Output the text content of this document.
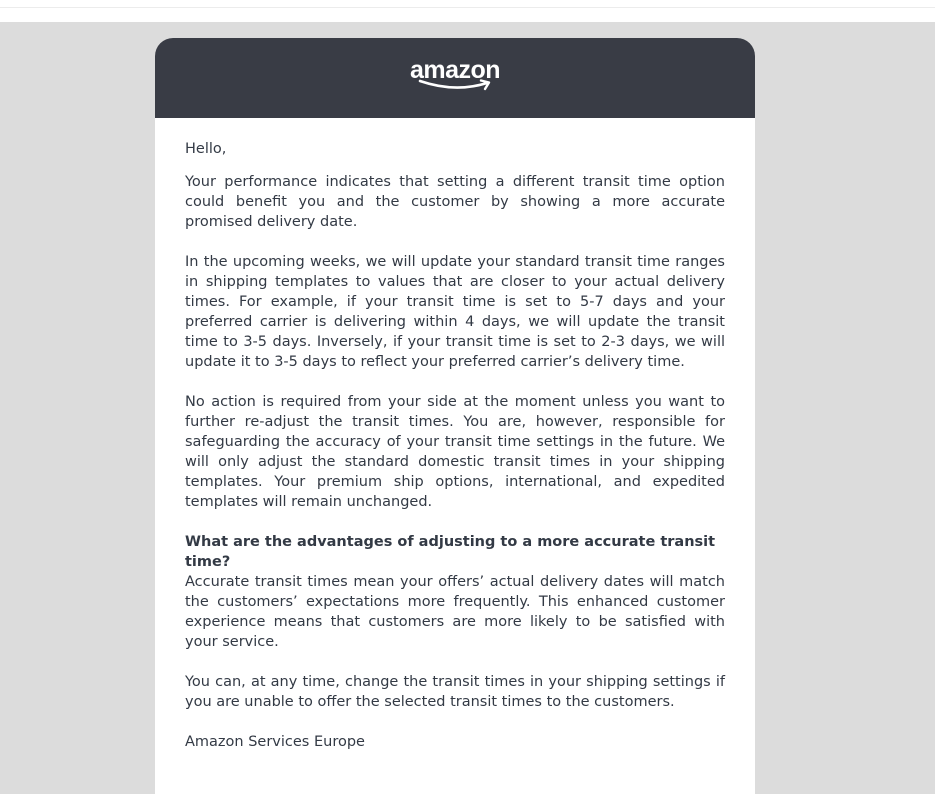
amazon

Hello,

Your performance indicates that setting a different transit time option could benefit you and the customer by showing a more accurate promised delivery date.

In the upcoming weeks, we will update your standard transit time ranges in shipping templates to values that are closer to your actual delivery times. For example, if your transit time is set to 5-7 days and your preferred carrier is delivering within 4 days, we will update the transit time to 3-5 days. Inversely, if your transit time is set to 2-3 days, we will update it to 3-5 days to reflect your preferred carrier’s delivery time.

No action is required from your side at the moment unless you want to further re-adjust the transit times. You are, however, responsible for safeguarding the accuracy of your transit time settings in the future. We will only adjust the standard domestic transit times in your shipping templates. Your premium ship options, international, and expedited templates will remain unchanged.

What are the advantages of adjusting to a more accurate transit time?

Accurate transit times mean your offers’ actual delivery dates will match the customers’ expectations more frequently. This enhanced customer experience means that customers are more likely to be satisfied with your service.

You can, at any time, change the transit times in your shipping settings if you are unable to offer the selected transit times to the customers.

Amazon Services Europe
